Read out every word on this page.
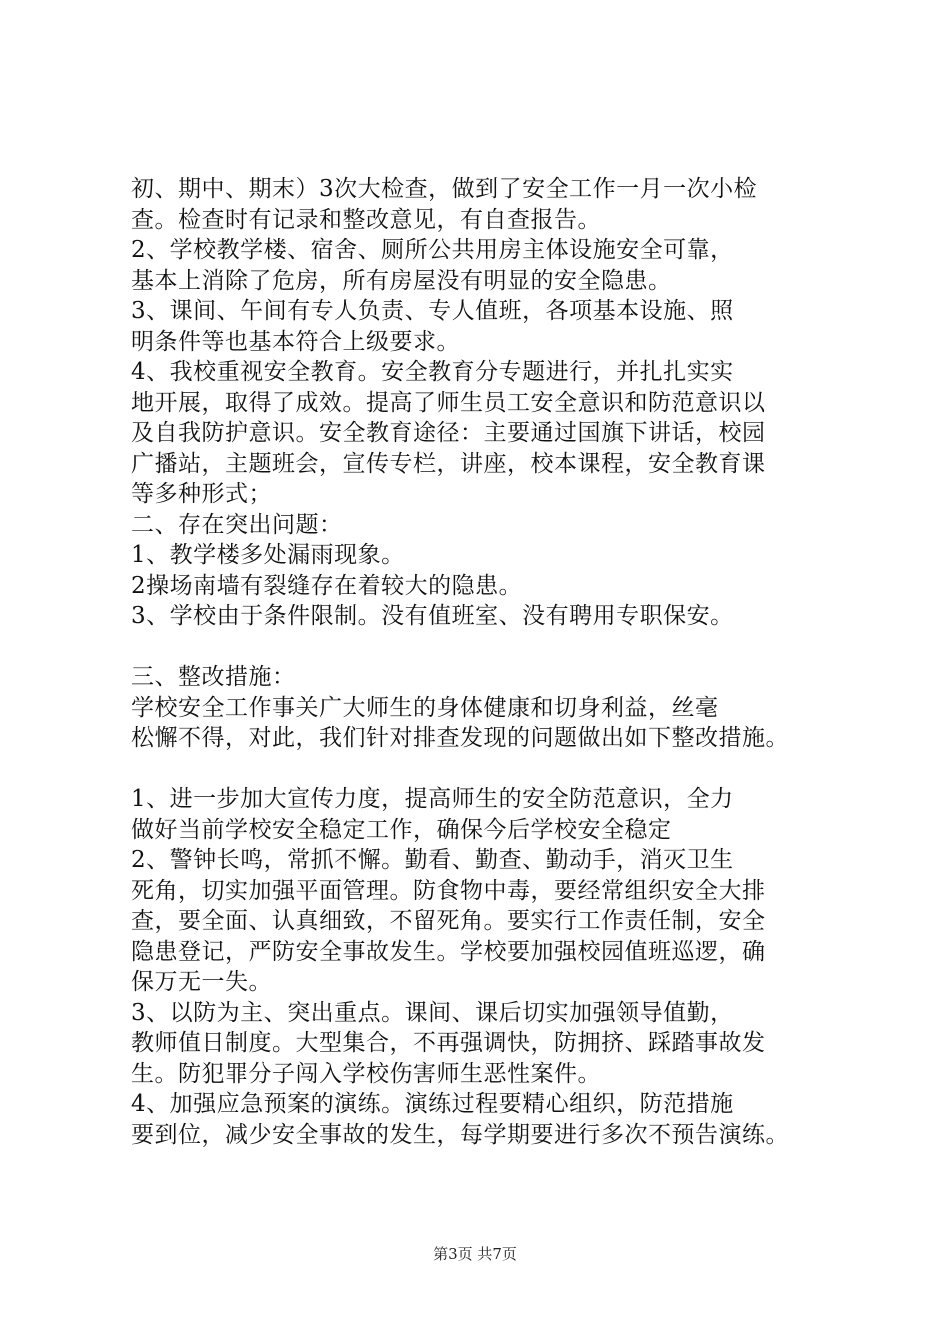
初、期中、期末）3次大检查，做到了安全工作一月一次小检
查。检查时有记录和整改意见，有自查报告。

2、学校教学楼、宿舍、厕所公共用房主体设施安全可靠，
基本上消除了危房，所有房屋没有明显的安全隐患。

3、课间、午间有专人负责、专人值班，各项基本设施、照
明条件等也基本符合上级要求。

4、我校重视安全教育。安全教育分专题进行，并扎扎实实
地开展，取得了成效。提高了师生员工安全意识和防范意识以
及自我防护意识。安全教育途径：主要通过国旗下讲话，校园
广播站，主题班会，宣传专栏，讲座，校本课程，安全教育课
等多种形式；

二、存在突出问题：

1、教学楼多处漏雨现象。

2操场南墙有裂缝存在着较大的隐患。

3、学校由于条件限制。没有值班室、没有聘用专职保安。

三、整改措施：

学校安全工作事关广大师生的身体健康和切身利益，丝毫
松懈不得，对此，我们针对排查发现的问题做出如下整改措施。

1、进一步加大宣传力度，提高师生的安全防范意识，全力
做好当前学校安全稳定工作，确保今后学校安全稳定

2、警钟长鸣，常抓不懈。勤看、勤查、勤动手，消灭卫生
死角，切实加强平面管理。防食物中毒，要经常组织安全大排
查，要全面、认真细致，不留死角。要实行工作责任制，安全
隐患登记，严防安全事故发生。学校要加强校园值班巡逻，确
保万无一失。

3、以防为主、突出重点。课间、课后切实加强领导值勤，
教师值日制度。大型集合，不再强调快，防拥挤、踩踏事故发
生。防犯罪分子闯入学校伤害师生恶性案件。

4、加强应急预案的演练。演练过程要精心组织，防范措施
要到位，减少安全事故的发生，每学期要进行多次不预告演练。

第3页 共7页
